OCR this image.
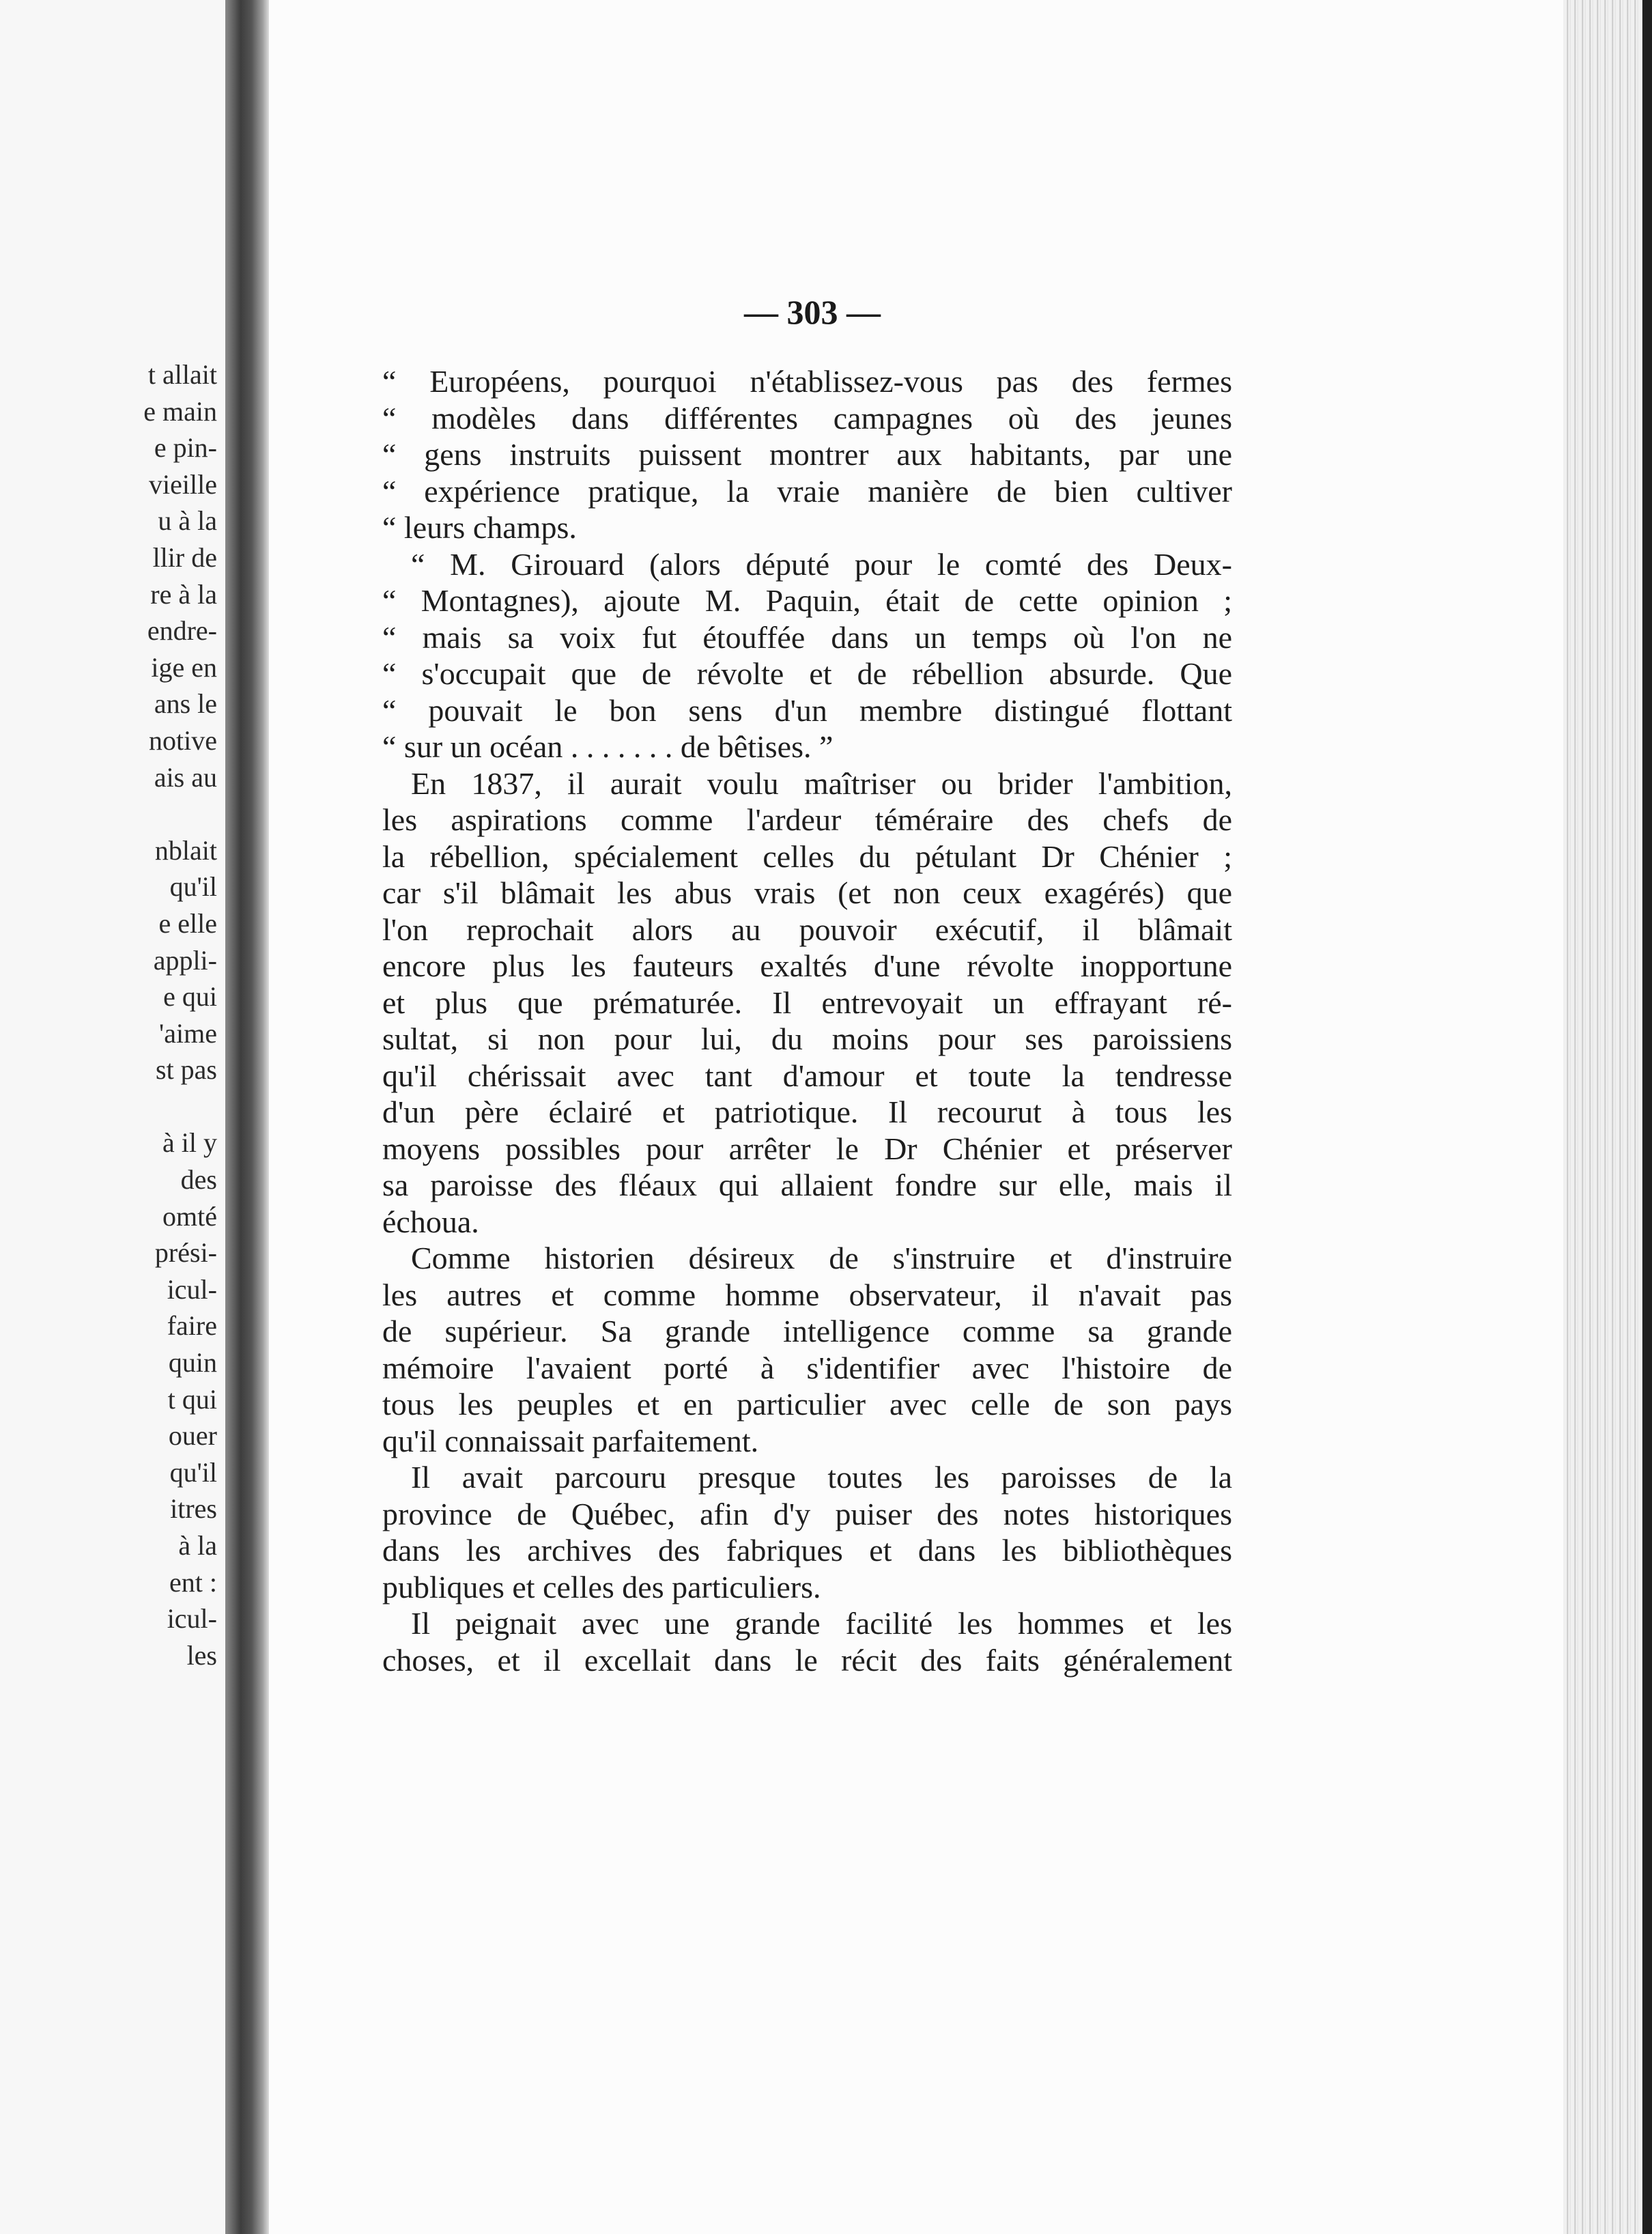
t allait
e main
e pin-
vieille
u à la
llir de
re à la
endre-
ige en
ans le
notive
ais au
nblait
qu'il
e elle
appli-
e qui
'aime
st pas
à il y
des
omté
prési-
icul-
faire
quin
t qui
ouer
qu'il
itres
à la
ent :
icul-
les
— 303 —
“ Européens, pourquoi n'établissez-vous pas des fermes
“ modèles dans différentes campagnes où des jeunes
“ gens instruits puissent montrer aux habitants, par une
“ expérience pratique, la vraie manière de bien cultiver
“ leurs champs.
“ M. Girouard (alors député pour le comté des Deux-
“ Montagnes), ajoute M. Paquin, était de cette opinion ;
“ mais sa voix fut étouffée dans un temps où l'on ne
“ s'occupait que de révolte et de rébellion absurde. Que
“ pouvait le bon sens d'un membre distingué flottant
“ sur un océan . . . . . . . de bêtises. ”
En 1837, il aurait voulu maîtriser ou brider l'ambition,
les aspirations comme l'ardeur téméraire des chefs de
la rébellion, spécialement celles du pétulant Dr Chénier ;
car s'il blâmait les abus vrais (et non ceux exagérés) que
l'on reprochait alors au pouvoir exécutif, il blâmait
encore plus les fauteurs exaltés d'une révolte inopportune
et plus que prématurée. Il entrevoyait un effrayant ré-
sultat, si non pour lui, du moins pour ses paroissiens
qu'il chérissait avec tant d'amour et toute la tendresse
d'un père éclairé et patriotique. Il recourut à tous les
moyens possibles pour arrêter le Dr Chénier et préserver
sa paroisse des fléaux qui allaient fondre sur elle, mais il
échoua.
Comme historien désireux de s'instruire et d'instruire
les autres et comme homme observateur, il n'avait pas
de supérieur. Sa grande intelligence comme sa grande
mémoire l'avaient porté à s'identifier avec l'histoire de
tous les peuples et en particulier avec celle de son pays
qu'il connaissait parfaitement.
Il avait parcouru presque toutes les paroisses de la
province de Québec, afin d'y puiser des notes historiques
dans les archives des fabriques et dans les bibliothèques
publiques et celles des particuliers.
Il peignait avec une grande facilité les hommes et les
choses, et il excellait dans le récit des faits généralement
